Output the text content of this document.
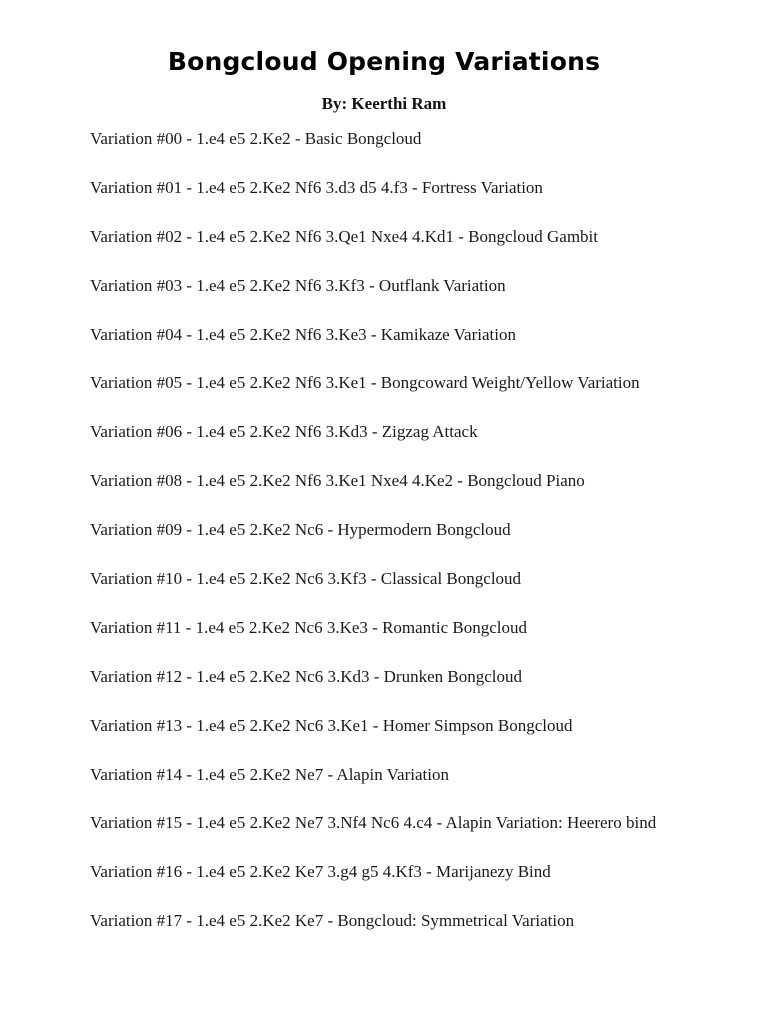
Bongcloud Opening Variations
By: Keerthi Ram
Variation #00 - 1.e4 e5 2.Ke2 - Basic Bongcloud
Variation #01 - 1.e4 e5 2.Ke2 Nf6 3.d3 d5 4.f3 - Fortress Variation
Variation #02 - 1.e4 e5 2.Ke2 Nf6 3.Qe1 Nxe4 4.Kd1 - Bongcloud Gambit
Variation #03 - 1.e4 e5 2.Ke2 Nf6 3.Kf3 - Outflank Variation
Variation #04 - 1.e4 e5 2.Ke2 Nf6 3.Ke3 - Kamikaze Variation
Variation #05 - 1.e4 e5 2.Ke2 Nf6 3.Ke1 - Bongcoward Weight/Yellow Variation
Variation #06 - 1.e4 e5 2.Ke2 Nf6 3.Kd3 - Zigzag Attack
Variation #08 - 1.e4 e5 2.Ke2 Nf6 3.Ke1 Nxe4 4.Ke2 - Bongcloud Piano
Variation #09 - 1.e4 e5 2.Ke2 Nc6 - Hypermodern Bongcloud
Variation #10 - 1.e4 e5 2.Ke2 Nc6 3.Kf3 - Classical Bongcloud
Variation #11 - 1.e4 e5 2.Ke2 Nc6 3.Ke3 - Romantic Bongcloud
Variation #12 - 1.e4 e5 2.Ke2 Nc6 3.Kd3 - Drunken Bongcloud
Variation #13 - 1.e4 e5 2.Ke2 Nc6 3.Ke1 - Homer Simpson Bongcloud
Variation #14 - 1.e4 e5 2.Ke2 Ne7 - Alapin Variation
Variation #15 - 1.e4 e5 2.Ke2 Ne7 3.Nf4 Nc6 4.c4 - Alapin Variation: Heerero bind
Variation #16 - 1.e4 e5 2.Ke2 Ke7 3.g4 g5 4.Kf3 - Marijanezy Bind
Variation #17 - 1.e4 e5 2.Ke2 Ke7 - Bongcloud: Symmetrical Variation
